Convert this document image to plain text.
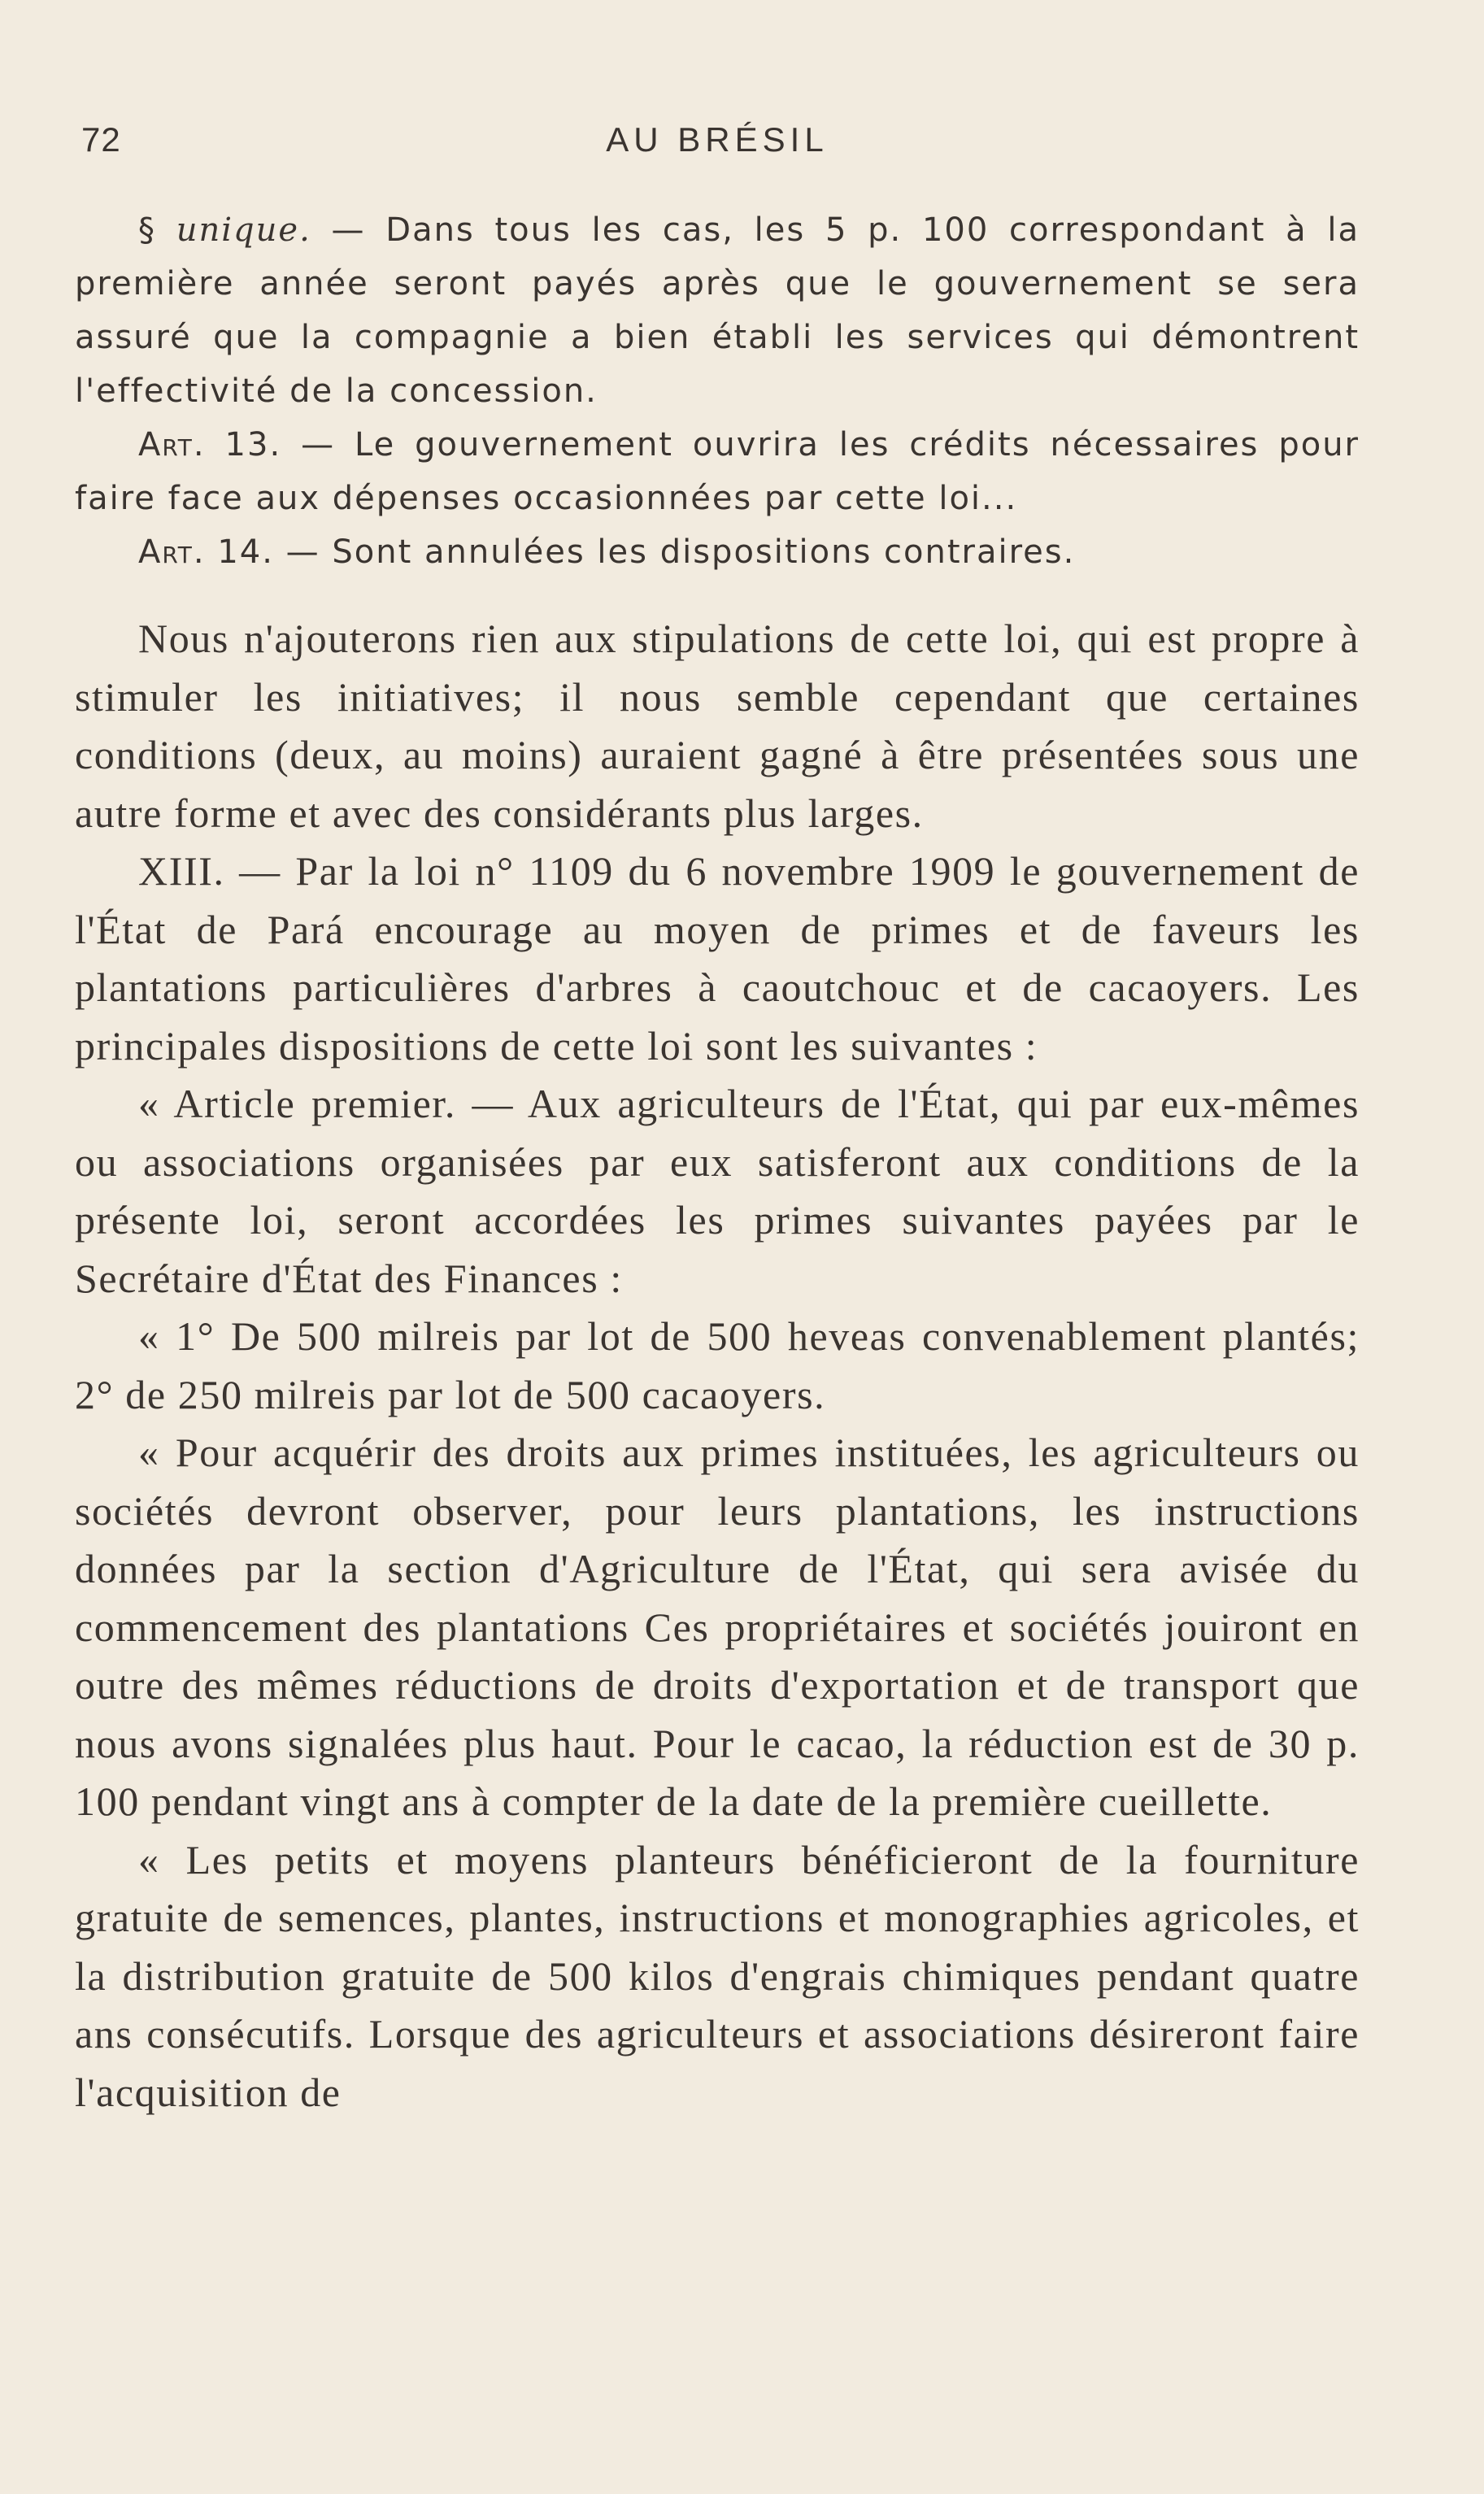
72	AU BRÉSIL

§ unique. — Dans tous les cas, les 5 p. 100 correspondant à la première année seront payés après que le gouvernement se sera assuré que la compagnie a bien établi les services qui démontrent l'effectivité de la concession.

Art. 13. — Le gouvernement ouvrira les crédits nécessaires pour faire face aux dépenses occasionnées par cette loi...

Art. 14. — Sont annulées les dispositions contraires.

Nous n'ajouterons rien aux stipulations de cette loi, qui est propre à stimuler les initiatives; il nous semble cependant que certaines conditions (deux, au moins) auraient gagné à être présentées sous une autre forme et avec des considérants plus larges.

XIII. — Par la loi n° 1109 du 6 novembre 1909 le gouvernement de l'État de Pará encourage au moyen de primes et de faveurs les plantations particulières d'arbres à caoutchouc et de cacaoyers. Les principales dispositions de cette loi sont les suivantes :

« Article premier. — Aux agriculteurs de l'État, qui par eux-mêmes ou associations organisées par eux satisferont aux conditions de la présente loi, seront accordées les primes suivantes payées par le Secrétaire d'État des Finances :

« 1° De 500 milreis par lot de 500 heveas convenablement plantés; 2° de 250 milreis par lot de 500 cacaoyers.

« Pour acquérir des droits aux primes instituées, les agriculteurs ou sociétés devront observer, pour leurs plantations, les instructions données par la section d'Agriculture de l'État, qui sera avisée du commencement des plantations Ces propriétaires et sociétés jouiront en outre des mêmes réductions de droits d'exportation et de transport que nous avons signalées plus haut. Pour le cacao, la réduction est de 30 p. 100 pendant vingt ans à compter de la date de la première cueillette.

« Les petits et moyens planteurs bénéficieront de la fourniture gratuite de semences, plantes, instructions et monographies agricoles, et la distribution gratuite de 500 kilos d'engrais chimiques pendant quatre ans consécutifs. Lorsque des agriculteurs et associations désireront faire l'acquisition de
